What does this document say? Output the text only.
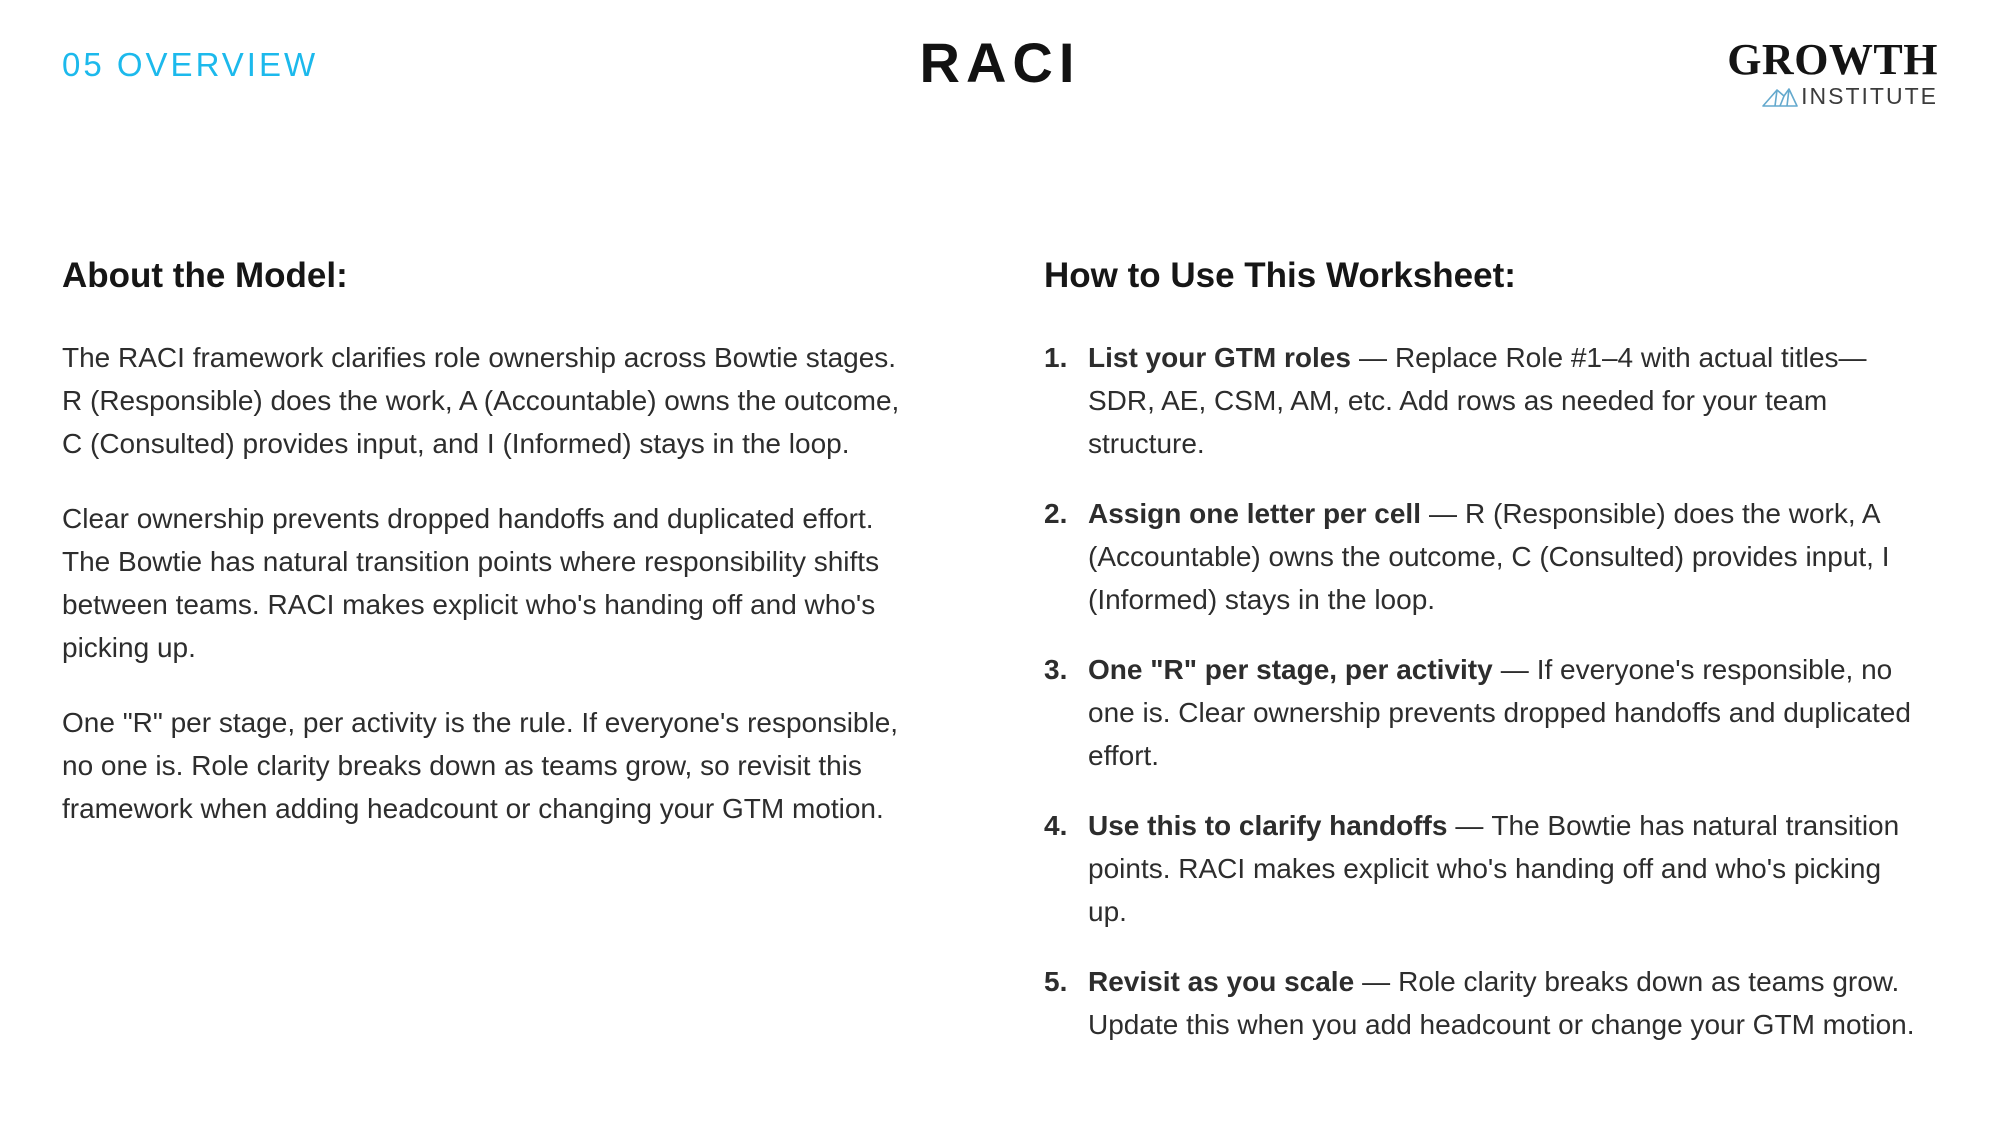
05 OVERVIEW	RACI	GROWTH
INSTITUTE
About the Model:

The RACI framework clarifies role ownership across Bowtie stages. R (Responsible) does the work, A (Accountable) owns the outcome, C (Consulted) provides input, and I (Informed) stays in the loop.

Clear ownership prevents dropped handoffs and duplicated effort. The Bowtie has natural transition points where responsibility shifts between teams. RACI makes explicit who's handing off and who's picking up.

One "R" per stage, per activity is the rule. If everyone's responsible, no one is. Role clarity breaks down as teams grow, so revisit this framework when adding headcount or changing your GTM motion.

How to Use This Worksheet:
1. List your GTM roles — Replace Role #1–4 with actual titles—SDR, AE, CSM, AM, etc. Add rows as needed for your team structure.
2. Assign one letter per cell — R (Responsible) does the work, A (Accountable) owns the outcome, C (Consulted) provides input, I (Informed) stays in the loop.
3. One "R" per stage, per activity — If everyone's responsible, no one is. Clear ownership prevents dropped handoffs and duplicated effort.
4. Use this to clarify handoffs — The Bowtie has natural transition points. RACI makes explicit who's handing off and who's picking up.
5. Revisit as you scale — Role clarity breaks down as teams grow. Update this when you add headcount or change your GTM motion.
